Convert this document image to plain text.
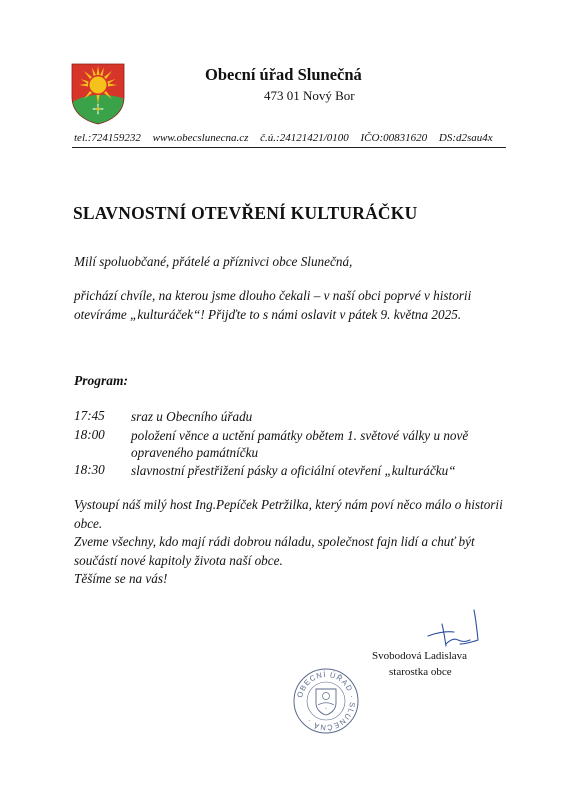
Obecní úřad Slunečná
473 01 Nový Bor
tel.:724159232 www.obecslunecna.cz č.ú.:24121421/0100 IČO:00831620 DS:d2sau4x
SLAVNOSTNÍ OTEVŘENÍ KULTURÁČKU
Milí spoluobčané, přátelé a příznivci obce Slunečná,
přichází chvíle, na kterou jsme dlouho čekali – v naší obci poprvé v historii otevíráme „kulturáček“! Přijďte to s námi oslavit v pátek 9. května 2025.
Program:
17:45 sraz u Obecního úřadu
18:00 položení věnce a uctění památky obětem 1. světové války u nově opraveného památníčku
18:30 slavnostní přestřižení pásky a oficiální otevření „kulturáčku“
Vystoupí náš milý host Ing.Pepíček Petržilka, který nám poví něco málo o historii obce.
Zveme všechny, kdo mají rádi dobrou náladu, společnost fajn lidí a chuť být součástí nové kapitoly života naší obce.
Těšíme se na vás!
Svobodová Ladislava
starostka obce
OBECNÍ ÚŘAD · SLUNEČNÁ ·
